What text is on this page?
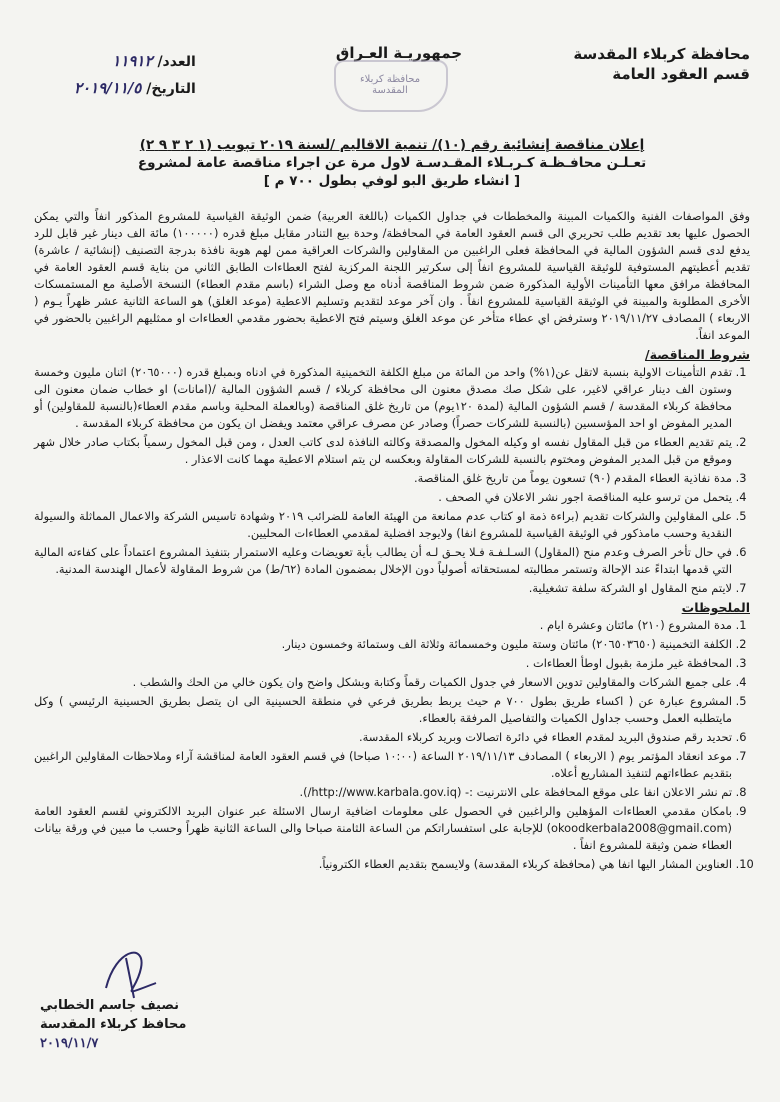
محافظة كربلاء المقدسة
قسم العقود العامة
جمهوريـة العـراق
محافظة كربلاء المقدسة
العدد/ ١١٩١٢
التاريخ/ ٢٠١٩/١١/٥
إعلان مناقصة إنشائية رقم (١٠)/ تنمية الاقاليم /لسنة ٢٠١٩ تبويب (١ ٢ ٣ ٩ ٢)
تعـلـن محافـظـة كـربـلاء المقـدسـة لاول مرة عن اجراء مناقصة عامة لمشروع
[ انشاء طريق البو لوفي بطول ٧٠٠ م ]

وفق المواصفات الفنية والكميات المبينة والمخططات في جداول الكميات (باللغة العربية) ضمن الوثيقة القياسية للمشروع المذكور انفاً والتي يمكن الحصول عليها بعد تقديم طلب تحريري الى قسم العقود العامة في المحافظة/ وحدة بيع التنادر مقابل مبلغ قدره (١٠٠٠٠٠) مائة الف دينار غير قابل للرد يدفع لدى قسم الشؤون المالية في المحافظة فعلى الراغبين من المقاولين والشركات العراقية ممن لهم هوية نافذة بدرجة التصنيف (إنشائية / عاشرة) تقديم أعطيتهم المستوفية للوثيقة القياسية للمشروع انفاً إلى سكرتير اللجنة المركزية لفتح العطاءات الطابق الثاني من بناية قسم العقود العامة في المحافظة مرافق معها التأمينات الأولية المذكورة ضمن شروط المناقصة أدناه مع وصل الشراء (باسم مقدم العطاء) النسخة الأصلية مع المستمسكات الأخرى المطلوبة والمبينة في الوثيقة القياسية للمشروع انفاً . وان آخر موعد لتقديم وتسليم الاعطية (موعد الغلق) هو الساعة الثانية عشر ظهراً يـوم ( الاربعاء ) المصادف ٢٠١٩/١١/٢٧ وسترفض اي عطاء متأخر عن موعد الغلق وسيتم فتح الاعطية بحضور مقدمي العطاءات او ممثليهم الراغبين بالحضور في الموعد انفاً.

شروط المناقصة/
1. تقدم التأمينات الاولية بنسبة لاتقل عن(١%) واحد من المائة من مبلغ الكلفة التخمينية المذكورة في ادناه وبمبلغ قدره (٢٠٦٥٠٠٠) اثنان مليون وخمسة وستون الف دينار عراقي لاغير، على شكل صك مصدق معنون الى محافظة كربلاء / قسم الشؤون المالية /(امانات) او خطاب ضمان معنون الى محافظة كربلاء المقدسة / قسم الشؤون المالية (لمدة ١٢٠يوم) من تاريخ غلق المناقصة (وبالعملة المحلية وباسم مقدم العطاء(بالنسبة للمقاولين) أو المدير المفوض او احد المؤسسين (بالنسبة للشركات حصراً) وصادر عن مصرف عراقي معتمد ويفضل ان يكون من محافظة كربلاء المقدسة .
2. يتم تقديم العطاء من قبل المقاول نفسه او وكيله المخول والمصدقة وكالته النافذة لدى كاتب العدل ، ومن قبل المخول رسمياً بكتاب صادر خلال شهر وموقع من قبل المدير المفوض ومختوم بالنسبة للشركات المقاولة وبعكسه لن يتم استلام الاعطية مهما كانت الاعذار .
3. مدة نفاذية العطاء المقدم (٩٠) تسعون يوماً من تاريخ غلق المناقصة.
4. يتحمل من ترسو عليه المناقصة اجور نشر الاعلان في الصحف .
5. على المقاولين والشركات تقديم (براءة ذمة او كتاب عدم ممانعة من الهيئة العامة للضرائب ٢٠١٩ وشهادة تاسيس الشركة والاعمال المماثلة والسيولة النقدية وحسب مامذكور في الوثيقة القياسية للمشروع انفا) ولايوجد افضلية لمقدمي العطاءات المحليين.
6. في حال تأخر الصرف وعدم منح (المقاول) السـلـفـة فـلا يحـق لـه أن يطالب بأية تعويضات وعليه الاستمرار بتنفيذ المشروع اعتماداً على كفاءته المالية التي قدمها ابتداءً عند الإحالة وتستمر مطالبته لمستحقاته أصولياً دون الإخلال بمضمون المادة (٦٢/ط) من شروط المقاولة لأعمال الهندسة المدنية.
7. لايتم منح المقاول او الشركة سلفة تشغيلية.
الملحوظات
1. مدة المشروع (٢١٠) مائتان وعشرة ايام .
2. الكلفة التخمينية (٢٠٦٥٠٣٦٥٠) مائتان وستة مليون وخمسمائة وثلاثة الف وستمائة وخمسون دينار.
3. المحافظة غير ملزمة بقبول اوطأ العطاءات .
4. على جميع الشركات والمقاولين تدوين الاسعار في جدول الكميات رقماً وكتابة وبشكل واضح وان يكون خالي من الحك والشطب .
5. المشروع عبارة عن ( اكساء طريق بطول ٧٠٠ م حيث يربط بطريق فرعي في منطقة الحسينية الى ان يتصل بطريق الحسينية الرئيسي ) وكل مايتطلبه العمل وحسب جداول الكميات والتفاصيل المرفقة بالعطاء.
6. تحديد رقم صندوق البريد لمقدم العطاء في دائرة اتصالات وبريد كربلاء المقدسة.
7. موعد انعقاد المؤتمر يوم ( الاربعاء ) المصادف ٢٠١٩/١١/١٣ الساعة (١٠:٠٠ صباحا) في قسم العقود العامة لمناقشة آراء وملاحظات المقاولين الراغبين بتقديم عطاءاتهم لتنفيذ المشاريع أعلاه.
8. تم نشر الاعلان انفا على موقع المحافظة على الانترنيت :- (http://www.karbala.gov.iq/).
9. بامكان مقدمي العطاءات المؤهلين والراغبين في الحصول على معلومات اضافية ارسال الاسئلة عبر عنوان البريد الالكتروني لقسم العقود العامة (okoodkerbala2008@gmail.com) للإجابة على استفساراتكم من الساعة الثامنة صباحا والى الساعة الثانية ظهراً وحسب ما مبين في ورقة بيانات العطاء ضمن وثيقة للمشروع انفاً .
10. العناوين المشار اليها انفا هي (محافظة كربلاء المقدسة) ولايسمح بتقديم العطاء الكترونياً.
نصيف جاسم الخطابي
محافظ كربلاء المقدسة
٢٠١٩/١١/٧
